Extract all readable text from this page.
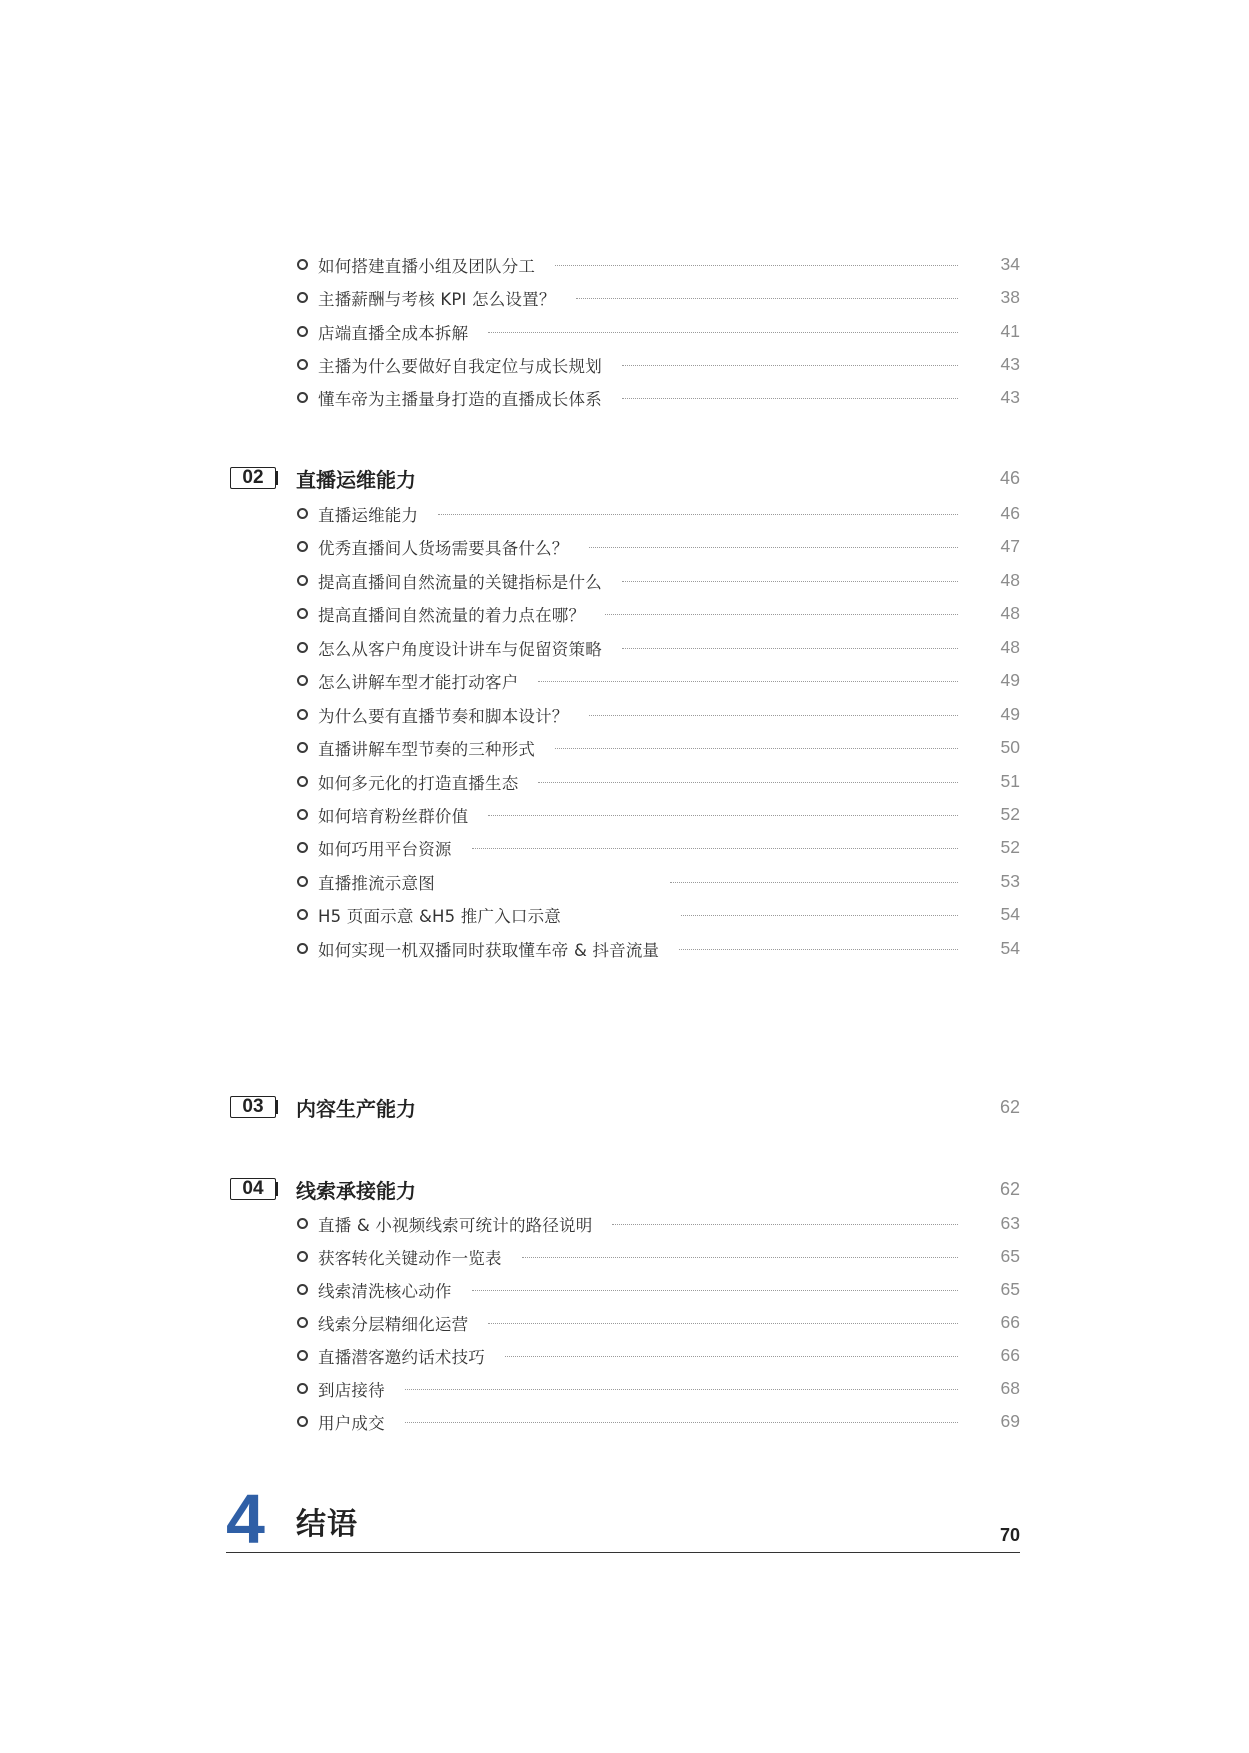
如何搭建直播小组及团队分工	34
主播薪酬与考核 KPI 怎么设置？	38
店端直播全成本拆解	41
主播为什么要做好自我定位与成长规划	43
懂车帝为主播量身打造的直播成长体系	43
02	直播运维能力	46
直播运维能力	46
优秀直播间人货场需要具备什么？	47
提高直播间自然流量的关键指标是什么	48
提高直播间自然流量的着力点在哪？	48
怎么从客户角度设计讲车与促留资策略	48
怎么讲解车型才能打动客户	49
为什么要有直播节奏和脚本设计？	49
直播讲解车型节奏的三种形式	50
如何多元化的打造直播生态	51
如何培育粉丝群价值	52
如何巧用平台资源	52
直播推流示意图	53
H5 页面示意 &H5 推广入口示意	54
如何实现一机双播同时获取懂车帝 & 抖音流量	54
03	内容生产能力	62
04	线索承接能力	62
直播 & 小视频线索可统计的路径说明	63
获客转化关键动作一览表	65
线索清洗核心动作	65
线索分层精细化运营	66
直播潜客邀约话术技巧	66
到店接待	68
用户成交	69
4 结语	70
